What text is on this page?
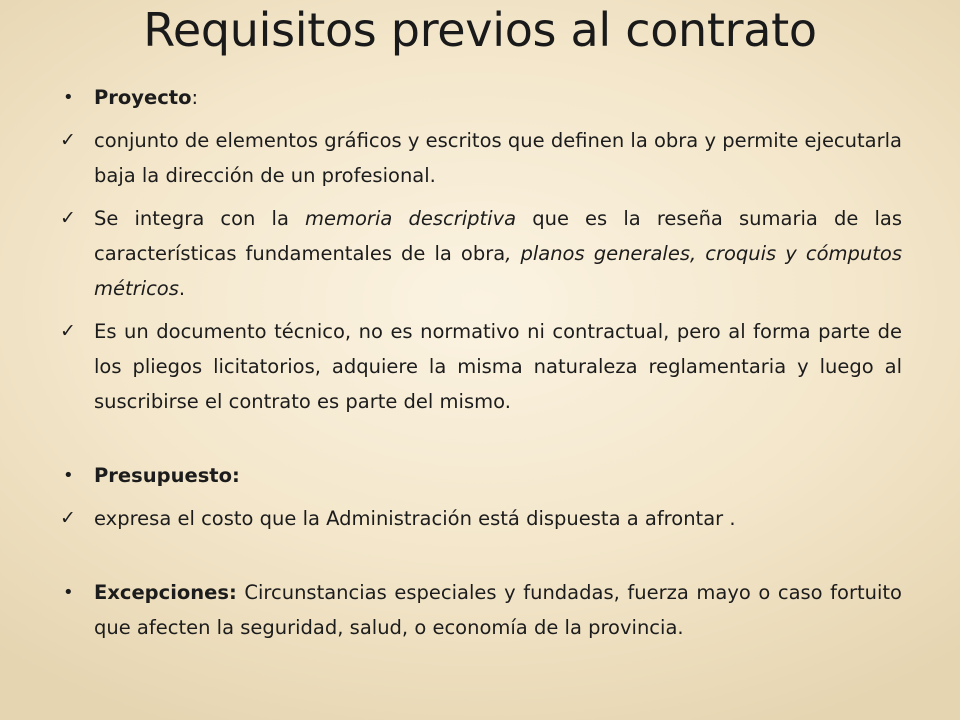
Requisitos previos al contrato
•	Proyecto:
✓ conjunto de elementos gráficos y escritos que definen la obra y permite ejecutarla baja la dirección de un profesional.
✓ Se integra con la memoria descriptiva que es la reseña sumaria de las características fundamentales de la obra, planos generales, croquis y cómputos métricos.
✓ Es un documento técnico, no es normativo ni contractual, pero al forma parte de los pliegos licitatorios, adquiere la misma naturaleza reglamentaria y luego al suscribirse el contrato es parte del mismo.
•	Presupuesto:
✓ expresa el costo que la Administración está dispuesta a afrontar .
•	Excepciones: Circunstancias especiales y fundadas, fuerza mayo o caso fortuito que afecten la seguridad, salud, o economía de la provincia.
